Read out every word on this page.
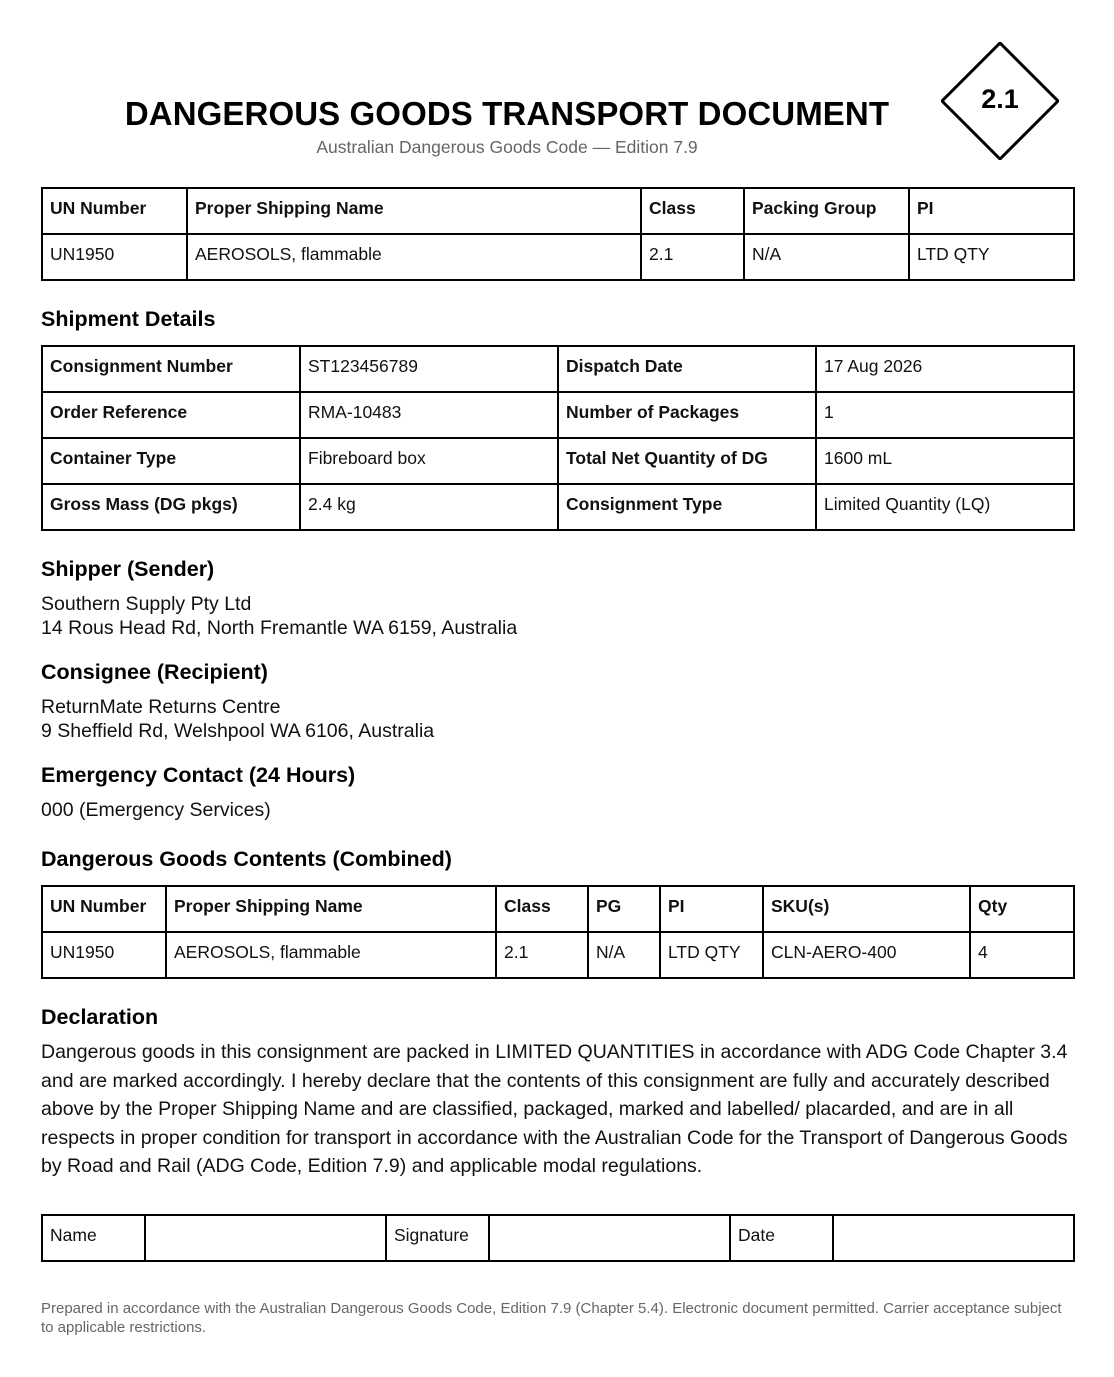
DANGEROUS GOODS TRANSPORT DOCUMENT
Australian Dangerous Goods Code — Edition 7.9
2.1
UN Number	Proper Shipping Name	Class	Packing Group	PI
UN1950	AEROSOLS, flammable	2.1	N/A	LTD QTY
Shipment Details
Consignment Number	ST123456789	Dispatch Date	17 Aug 2026
Order Reference	RMA-10483	Number of Packages	1
Container Type	Fibreboard box	Total Net Quantity of DG	1600 mL
Gross Mass (DG pkgs)	2.4 kg	Consignment Type	Limited Quantity (LQ)
Shipper (Sender)
Southern Supply Pty Ltd
14 Rous Head Rd, North Fremantle WA 6159, Australia
Consignee (Recipient)
ReturnMate Returns Centre
9 Sheffield Rd, Welshpool WA 6106, Australia
Emergency Contact (24 Hours)
000 (Emergency Services)
Dangerous Goods Contents (Combined)
UN Number	Proper Shipping Name	Class	PG	PI	SKU(s)	Qty
UN1950	AEROSOLS, flammable	2.1	N/A	LTD QTY	CLN-AERO-400	4
Declaration
Dangerous goods in this consignment are packed in LIMITED QUANTITIES in accordance with ADG Code Chapter 3.4 and are marked accordingly. I hereby declare that the contents of this consignment are fully and accurately described above by the Proper Shipping Name and are classified, packaged, marked and labelled/ placarded, and are in all respects in proper condition for transport in accordance with the Australian Code for the Transport of Dangerous Goods by Road and Rail (ADG Code, Edition 7.9) and applicable modal regulations.
Name		Signature		Date	
Prepared in accordance with the Australian Dangerous Goods Code, Edition 7.9 (Chapter 5.4). Electronic document permitted. Carrier acceptance subject to applicable restrictions.
